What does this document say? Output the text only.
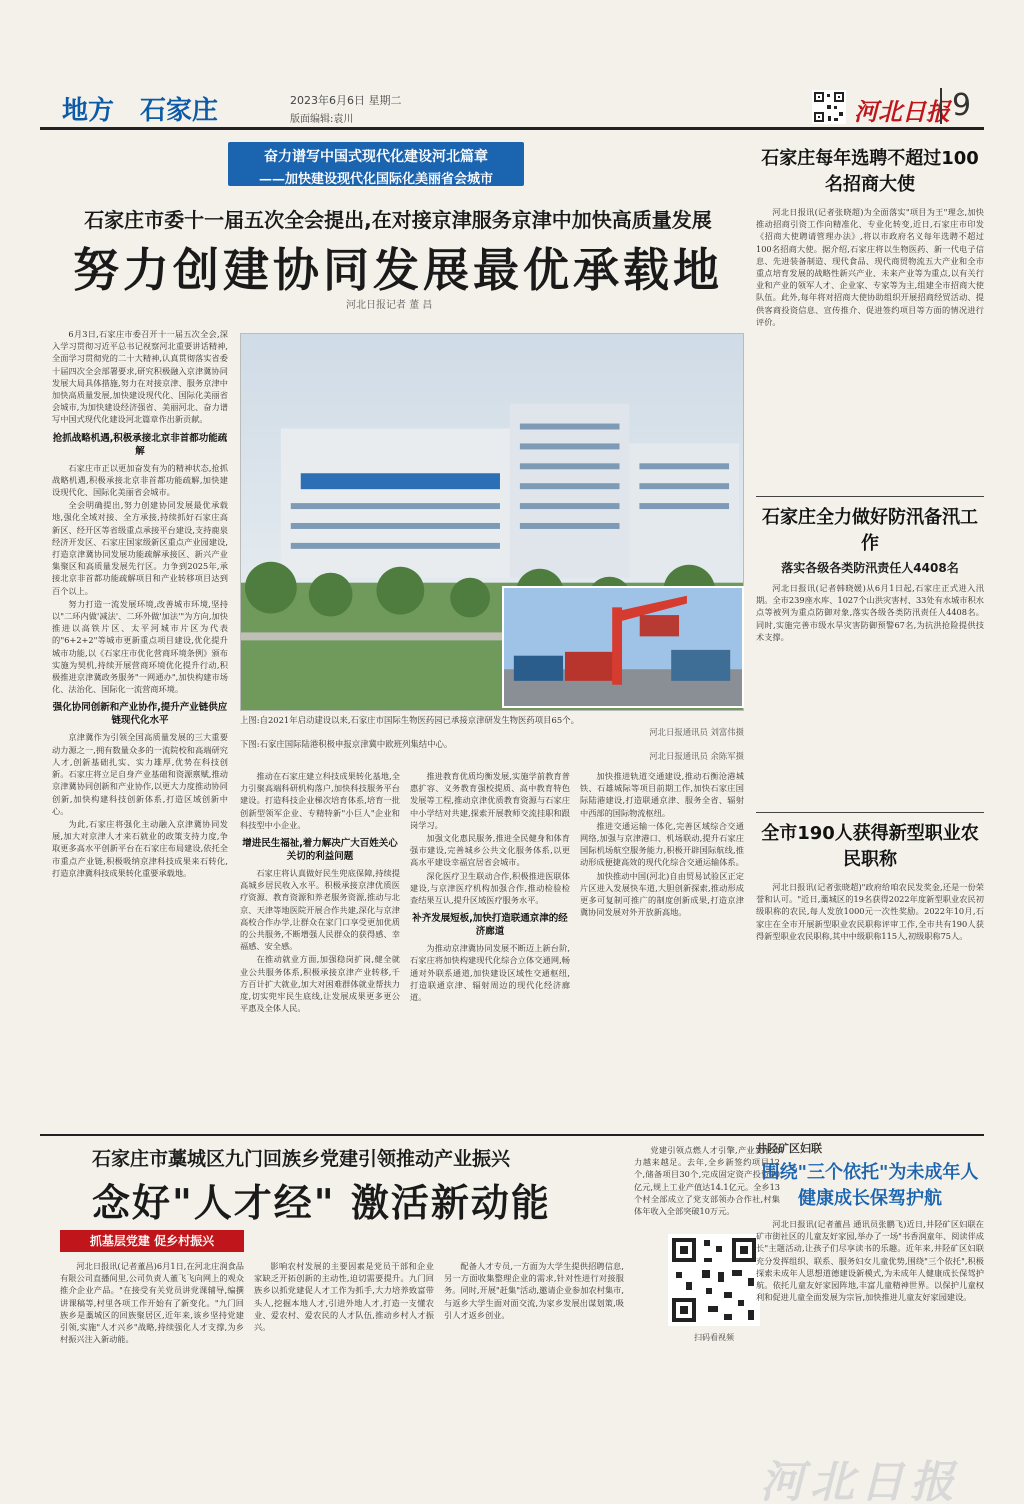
地方 石家庄	2023年6月6日 星期二
版面编辑:袁川	河北日报 9
奋力谱写中国式现代化建设河北篇章
——加快建设现代化国际化美丽省会城市
石家庄市委十一届五次全会提出,在对接京津服务京津中加快高质量发展
努力创建协同发展最优承载地
河北日报记者 董 昌

6月3日,石家庄市委召开十一届五次全会,深入学习贯彻习近平总书记视察河北重要讲话精神,全面学习贯彻党的二十大精神,认真贯彻落实省委十届四次全会部署要求,研究积极融入京津冀协同发展大局具体措施,努力在对接京津、服务京津中加快高质量发展,加快建设现代化、国际化美丽省会城市,为加快建设经济强省、美丽河北、奋力谱写中国式现代化建设河北篇章作出新贡献。

抢抓战略机遇,积极承接北京非首都功能疏解

石家庄市正以更加奋发有为的精神状态,抢抓战略机遇,积极承接北京非首都功能疏解,加快建设现代化、国际化美丽省会城市。

全会明确提出,努力创建协同发展最优承载地,强化全域对接、全方承接,持续抓好石家庄高新区、经开区等省级重点承接平台建设,支持鹿泉经济开发区、石家庄国家级新区重点产业园建设,打造京津冀协同发展功能疏解承接区、新兴产业集聚区和高质量发展先行区。力争到2025年,承接北京非首都功能疏解项目和产业转移项目达到百个以上。

努力打造一流发展环境,改善城市环境,坚持以"二环内做'减法'、二环外做'加法'"为方向,加快推进以高铁片区、太平河城市片区为代表的"6+2+2"等城市更新重点项目建设,优化提升城市功能,以《石家庄市优化营商环境条例》颁布实施为契机,持续开展营商环境优化提升行动,积极推进京津冀政务服务"一网通办",加快构建市场化、法治化、国际化一流营商环境。

强化协同创新和产业协作,提升产业链供应链现代化水平

京津冀作为引领全国高质量发展的三大重要动力源之一,拥有数量众多的一流院校和高端研究人才,创新基础扎实、实力雄厚,优势在科技创新。石家庄将立足自身产业基础和资源禀赋,推动京津冀协同创新和产业协作,以更大力度推动协同创新,加快构建科技创新体系,打造区域创新中心。

为此,石家庄将强化主动融入京津冀协同发展,加大对京津人才来石就业的政策支持力度,争取更多高水平创新平台在石家庄布局建设,依托全市重点产业链,积极吸纳京津科技成果来石转化,打造京津冀科技成果转化重要承载地。

上图:自2021年启动建设以来,石家庄市国际生物医药园已承接京津研发生物医药项目65个。
河北日报通讯员 刘富伟摄
下图:石家庄国际陆港积极申报京津冀中欧班列集结中心。
河北日报通讯员 余陈军摄

推动在石家庄建立科技成果转化基地,全力引聚高端科研机构落户,加快科技服务平台建设。打造科技企业梯次培育体系,培育一批创新型领军企业、专精特新"小巨人"企业和科技型中小企业。

增进民生福祉,着力解决广大百姓关心关切的利益问题

石家庄将认真做好民生兜底保障,持续提高城乡居民收入水平。积极承接京津优质医疗资源、教育资源和养老服务资源,推动与北京、天津等地医院开展合作共建,深化与京津高校合作办学,让群众在家门口享受更加优质的公共服务,不断增强人民群众的获得感、幸福感、安全感。

在推动就业方面,加强稳岗扩岗,健全就业公共服务体系,积极承接京津产业转移,千方百计扩大就业,加大对困难群体就业帮扶力度,切实兜牢民生底线,让发展成果更多更公平惠及全体人民。

推进教育优质均衡发展,实施学前教育普惠扩容、义务教育强校提质、高中教育特色发展等工程,推动京津优质教育资源与石家庄中小学结对共建,探索开展教师交流挂职和跟岗学习。

加强文化惠民服务,推进全民健身和体育强市建设,完善城乡公共文化服务体系,以更高水平建设幸福宜居省会城市。

深化医疗卫生联动合作,积极推进医联体建设,与京津医疗机构加强合作,推动检验检查结果互认,提升区域医疗服务水平。

补齐发展短板,加快打造联通京津的经济廊道

为推动京津冀协同发展不断迈上新台阶,石家庄将加快构建现代化综合立体交通网,畅通对外联系通道,加快建设区域性交通枢纽,打造联通京津、辐射周边的现代化经济廊道。

加快推进轨道交通建设,推动石衡沧港城铁、石雄城际等项目前期工作,加快石家庄国际陆港建设,打造联通京津、服务全省、辐射中西部的国际物流枢纽。

推进交通运输一体化,完善区域综合交通网络,加强与京津港口、机场联动,提升石家庄国际机场航空服务能力,积极开辟国际航线,推动形成便捷高效的现代化综合交通运输体系。

加快推动中国(河北)自由贸易试验区正定片区进入发展快车道,大胆创新探索,推动形成更多可复制可推广的制度创新成果,打造京津冀协同发展对外开放新高地。

石家庄每年选聘不超过100名招商大使

河北日报讯(记者张晓超)为全面落实"项目为王"理念,加快推动招商引资工作向精准化、专业化转变,近日,石家庄市印发《招商大使聘请管理办法》,将以市政府名义每年选聘不超过100名招商大使。据介绍,石家庄将以生物医药、新一代电子信息、先进装备制造、现代食品、现代商贸物流五大产业和全市重点培育发展的战略性新兴产业、未来产业等为重点,以有关行业和产业的领军人才、企业家、专家等为主,组建全市招商大使队伍。此外,每年将对招商大使协助组织开展招商经贸活动、提供客商投资信息、宣传推介、促进签约项目等方面的情况进行评价。

石家庄全力做好防汛备汛工作
落实各级各类防汛责任人4408名

河北日报讯(记者韩晓媛)从6月1日起,石家庄正式进入汛期。全市239座水库、1027个山洪灾害村、33处有水城市积水点等被列为重点防御对象,落实各级各类防汛责任人4408名。同时,实施完善市级水旱灾害防御预警67名,为抗洪抢险提供技术支撑。

全市190人获得新型职业农民职称

河北日报讯(记者张晓超)"政府给咱农民发奖金,还是一份荣誉和认可。"近日,藁城区的19名获得2022年度新型职业农民初级职称的农民,每人发放1000元一次性奖励。2022年10月,石家庄在全市开展新型职业农民职称评审工作,全市共有190人获得新型职业农民职称,其中中级职称115人,初级职称75人。

石家庄市藁城区九门回族乡党建引领推动产业振兴
念好"人才经" 激活新动能
抓基层党建 促乡村振兴

河北日报讯(记者董昌)6月1日,在河北庄润食品有限公司直播间里,公司负责人董飞飞向网上的观众推介企业产品。"在接受有关党员讲党课辅导,编撰讲课稿等,村里各项工作开始有了新变化。"九门回族乡是藁城区的回族聚居区,近年来,该乡坚持党建引领,实施"人才兴乡"战略,持续强化人才支撑,为乡村振兴注入新动能。

影响农村发展的主要因素是党员干部和企业家缺乏开拓创新的主动性,迫切需要提升。九门回族乡以抓党建促人才工作为抓手,大力培养致富带头人,挖掘本地人才,引进外地人才,打造一支懂农业、爱农村、爱农民的人才队伍,推动乡村人才振兴。

配备人才专员,一方面为大学生提供招聘信息,另一方面收集整理企业的需求,针对性进行对接服务。同时,开展"赶集"活动,邀请企业参加农村集市,与返乡大学生面对面交流,为家乡发展出谋划策,吸引人才返乡创业。

党建引领点燃人才引擎,产业发展动力越来越足。去年,全乡新签约项目12个,储备项目30个,完成固定资产投资10亿元,规上工业产值达14.1亿元。全乡13个村全部成立了党支部领办合作社,村集体年收入全部突破10万元。

扫码看视频
井陉矿区妇联
围绕"三个依托"为未成年人健康成长保驾护航

河北日报讯(记者董昌 通讯员张鹏飞)近日,井陉矿区妇联在矿市街社区的儿童友好家园,举办了一场"书香润童年、阅读伴成长"主题活动,让孩子们尽享读书的乐趣。近年来,井陉矿区妇联充分发挥组织、联系、服务妇女儿童优势,围绕"三个依托",积极探索未成年人思想道德建设新模式,为未成年人健康成长保驾护航。依托儿童友好家园阵地,丰富儿童精神世界。以保护儿童权利和促进儿童全面发展为宗旨,加快推进儿童友好家园建设。

河北日报
